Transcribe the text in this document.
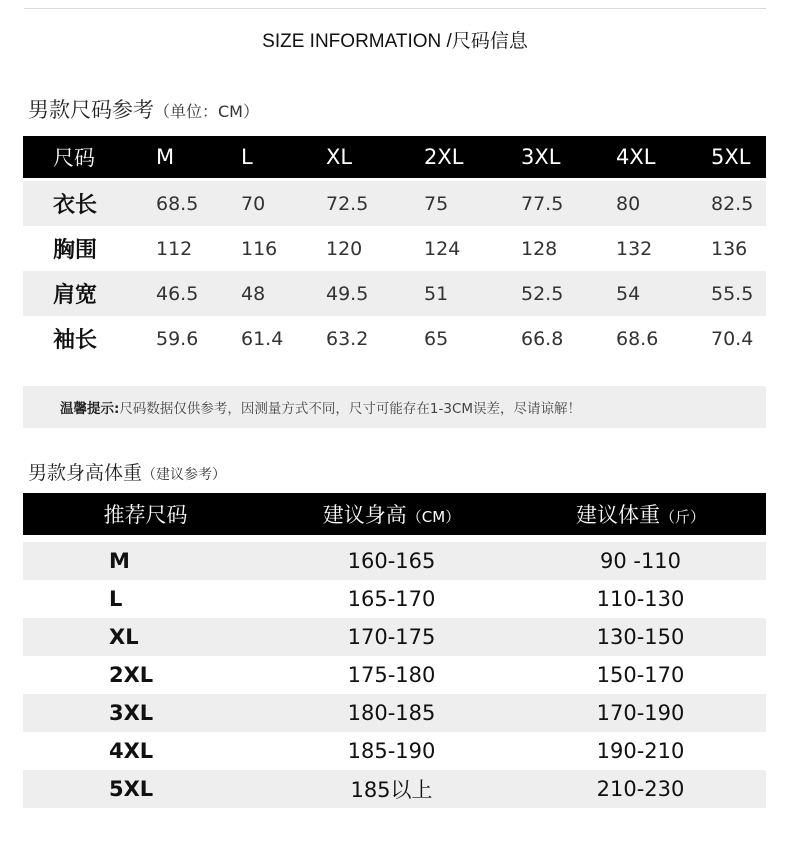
SIZE INFORMATION /尺码信息
男款尺码参考（单位：CM）
尺码	M	L	XL	2XL	3XL	4XL	5XL
衣长	68.5	70	72.5	75	77.5	80	82.5
胸围	112	116	120	124	128	132	136
肩宽	46.5	48	49.5	51	52.5	54	55.5
袖长	59.6	61.4	63.2	65	66.8	68.6	70.4
温馨提示: 尺码数据仅供参考，因测量方式不同，尺寸可能存在1-3CM误差，尽请谅解！
男款身高体重（建议参考）
推荐尺码	建议身高（CM）	建议体重（斤）
M	160-165	90 -110
L	165-170	110-130
XL	170-175	130-150
2XL	175-180	150-170
3XL	180-185	170-190
4XL	185-190	190-210
5XL	185以上	210-230
